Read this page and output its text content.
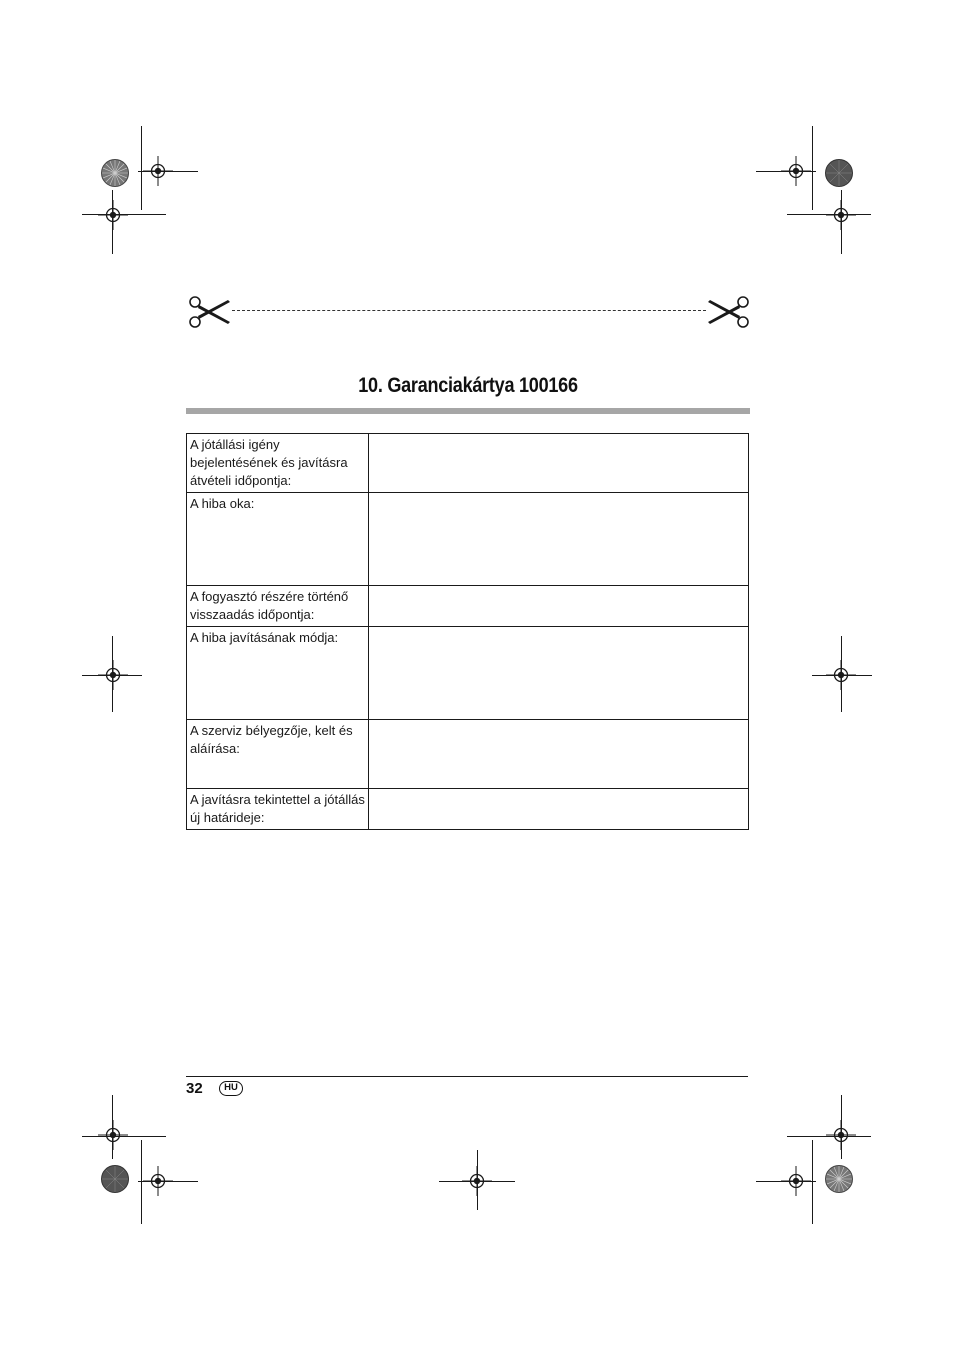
10. Garanciakártya 100166
A jótállási igény bejelentésének és javításra átvételi időpontja:	
A hiba oka:	
A fogyasztó részére történő visszaadás időpontja:	
A hiba javításának módja:	
A szerviz bélyegzője, kelt és aláírása:	
A javításra tekintettel a jótállás új határideje:	
32	HU
